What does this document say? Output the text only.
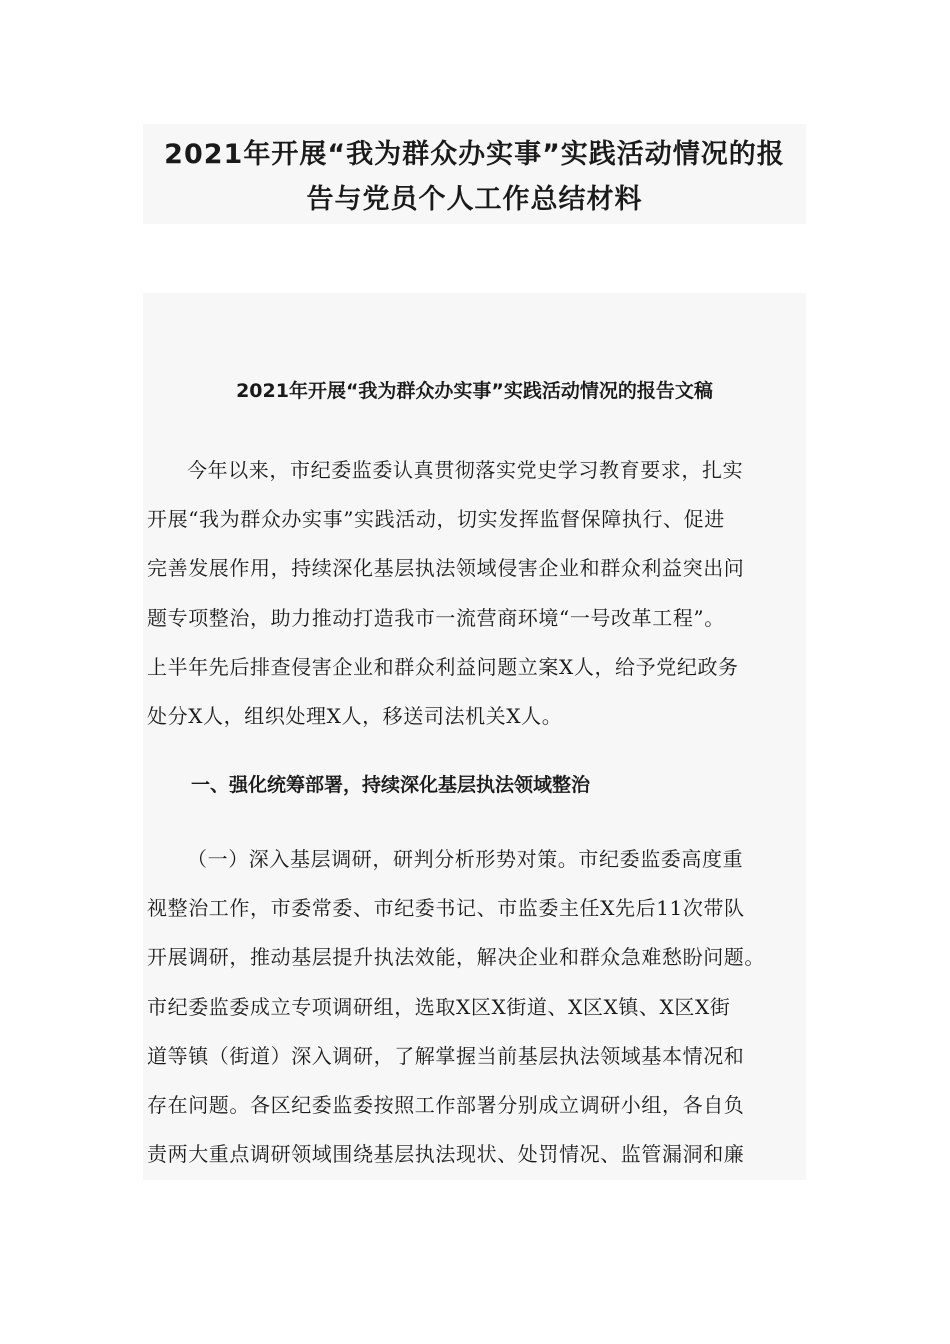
2021年开展“我为群众办实事”实践活动情况的报
告与党员个人工作总结材料
2021年开展“我为群众办实事”实践活动情况的报告文稿
今年以来，市纪委监委认真贯彻落实党史学习教育要求，扎实
开展“我为群众办实事”实践活动，切实发挥监督保障执行、促进
完善发展作用，持续深化基层执法领域侵害企业和群众利益突出问
题专项整治，助力推动打造我市一流营商环境“一号改革工程”。
上半年先后排查侵害企业和群众利益问题立案X人，给予党纪政务
处分X人，组织处理X人，移送司法机关X人。
一、强化统筹部署，持续深化基层执法领域整治
（一）深入基层调研，研判分析形势对策。市纪委监委高度重
视整治工作，市委常委、市纪委书记、市监委主任X先后11次带队
开展调研，推动基层提升执法效能，解决企业和群众急难愁盼问题。
市纪委监委成立专项调研组，选取X区X街道、X区X镇、X区X街
道等镇（街道）深入调研，了解掌握当前基层执法领域基本情况和
存在问题。各区纪委监委按照工作部署分别成立调研小组，各自负
责两大重点调研领域围绕基层执法现状、处罚情况、监管漏洞和廉
